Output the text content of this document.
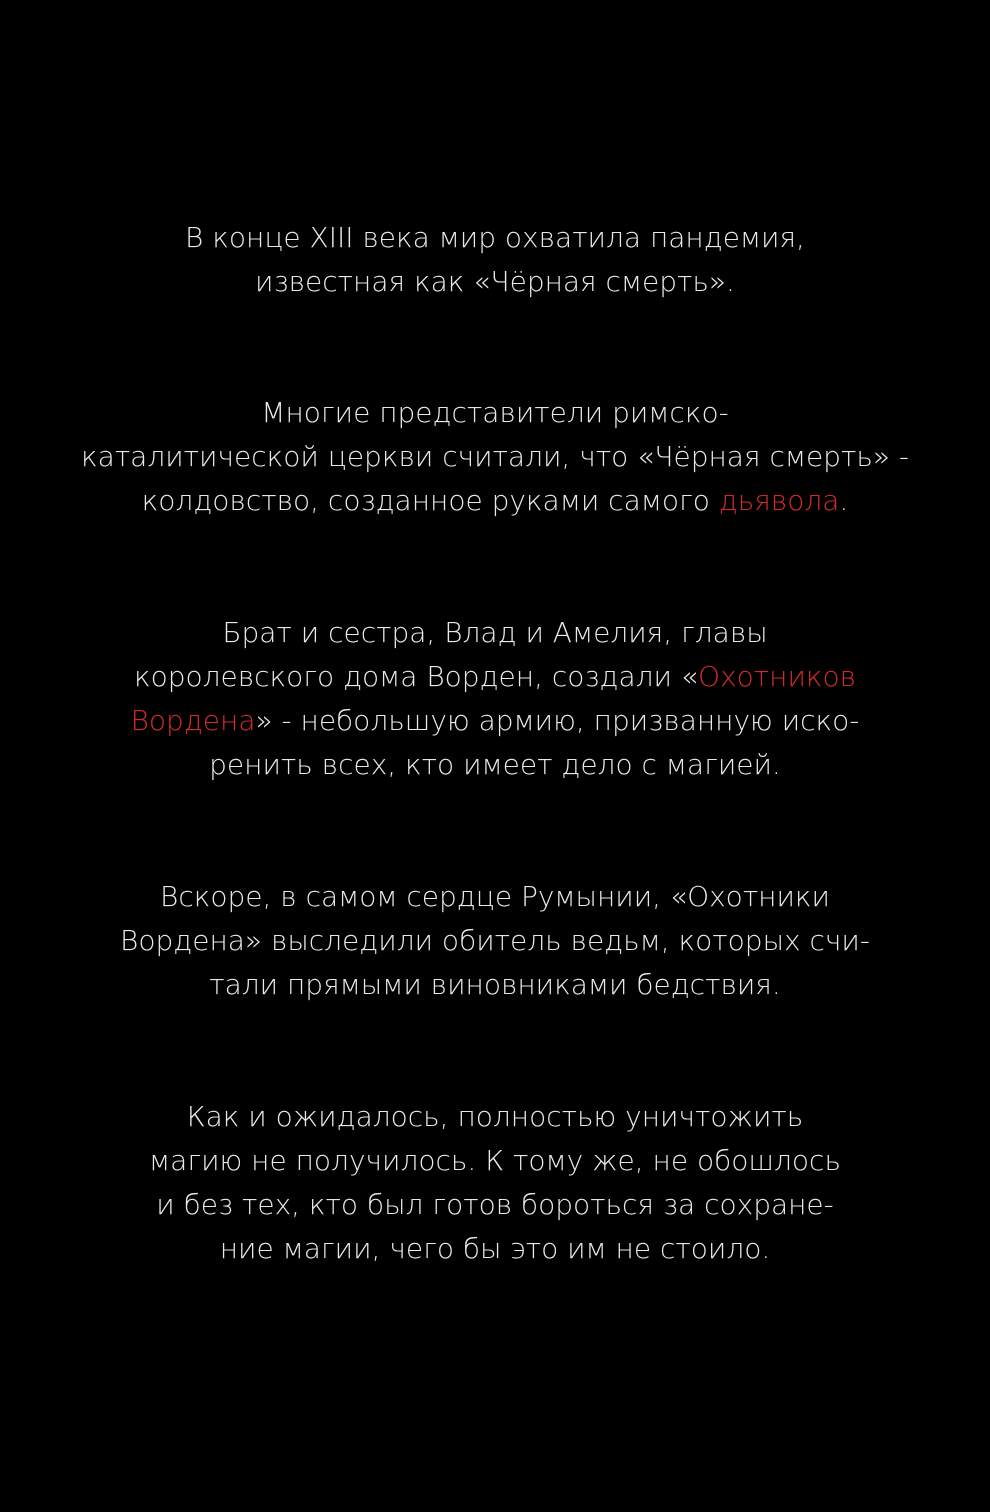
В конце XIII века мир охватила пандемия,
известная как «Чёрная смерть».

Многие представители римско-
каталитической церкви считали, что «Чёрная смерть» -
колдовство, созданное руками самого дьявола.

Брат и сестра, Влад и Амелия, главы
королевского дома Ворден, создали «Охотников
Вордена» - небольшую армию, призванную иско-
ренить всех, кто имеет дело с магией.

Вскоре, в самом сердце Румынии, «Охотники
Вордена» выследили обитель ведьм, которых счи-
тали прямыми виновниками бедствия.

Как и ожидалось, полностью уничтожить
магию не получилось. К тому же, не обошлось
и без тех, кто был готов бороться за сохране-
ние магии, чего бы это им не стоило.
